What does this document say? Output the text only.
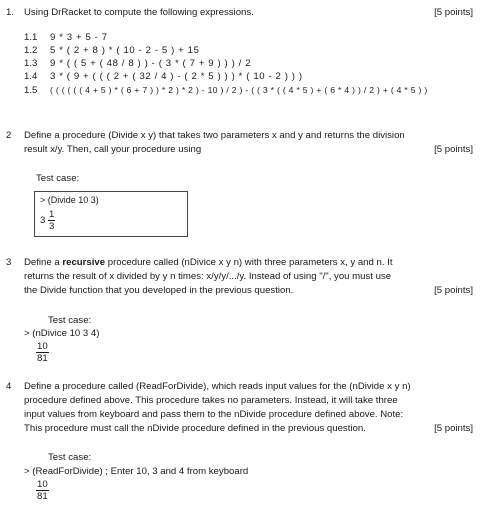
1. Using DrRacket to compute the following expressions.	[5 points]
1.1 9 * 3 + 5 - 7
1.2 5 * ( 2 + 8 ) * ( 10 - 2 - 5 ) + 15
1.3 9 * ( ( 5 + ( 48 / 8 ) ) - ( 3 * ( 7 + 9 ) ) ) / 2
1.4 3 * ( 9 + ( ( ( 2 + ( 32 / 4 ) - ( 2 * 5 ) ) ) * ( 10 - 2 ) ) )
1.5 ( ( ( ( ( ( 4 + 5 ) * ( 6 + 7 ) ) * 2 ) * 2 ) - 10 ) / 2 ) - ( ( 3 * ( ( 4 * 5 ) + ( 6 * 4 ) ) / 2 ) + ( 4 * 5 ) )
2 Define a procedure (Divide x y) that takes two parameters x and y and returns the division
result x/y. Then, call your procedure using	[5 points]
Test case:
> (Divide 10 3)
$3 \frac{1}{3}$
3 Define a recursive procedure called (nDivice x y n) with three parameters x, y and n. It
returns the result of x divided by y n times: x/y/y/.../y. Instead of using "/", you must use
the Divide function that you developed in the previous question.	[5 points]
Test case:
> (nDivice 10 3 4)
$\frac{10}{81}$
4 Define a procedure called (ReadForDivide), which reads input values for the (nDivide x y n)
procedure defined above. This procedure takes no parameters. Instead, it will take three
input values from keyboard and pass them to the nDivide procedure defined above. Note:
This procedure must call the nDivide procedure defined in the previous question.	[5 points]
Test case:
> (ReadForDivide) ; Enter 10, 3 and 4 from keyboard
$\frac{10}{81}$
